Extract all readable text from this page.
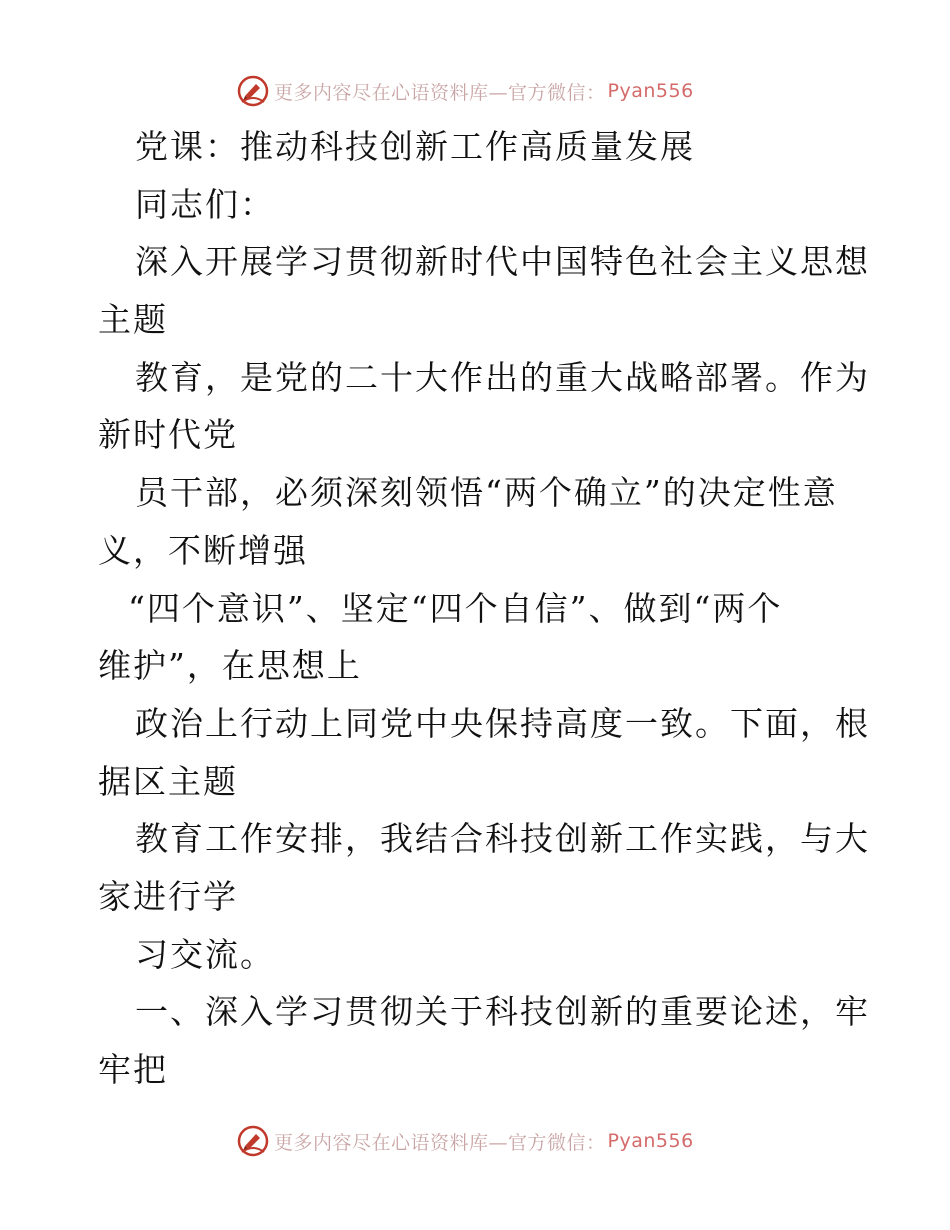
更多内容尽在心语资料库—官方微信： Pyan556
党课：推动科技创新工作高质量发展
同志们：
深入开展学习贯彻新时代中国特色社会主义思想
主题
教育，是党的二十大作出的重大战略部署。作为
新时代党
员干部，必须深刻领悟“两个确立”的决定性意
义，不断增强
“四个意识”、坚定“四个自信”、做到“两个
维护”，在思想上
政治上行动上同党中央保持高度一致。下面，根
据区主题
教育工作安排，我结合科技创新工作实践，与大
家进行学
习交流。
一、深入学习贯彻关于科技创新的重要论述，牢
牢把
更多内容尽在心语资料库—官方微信： Pyan556
